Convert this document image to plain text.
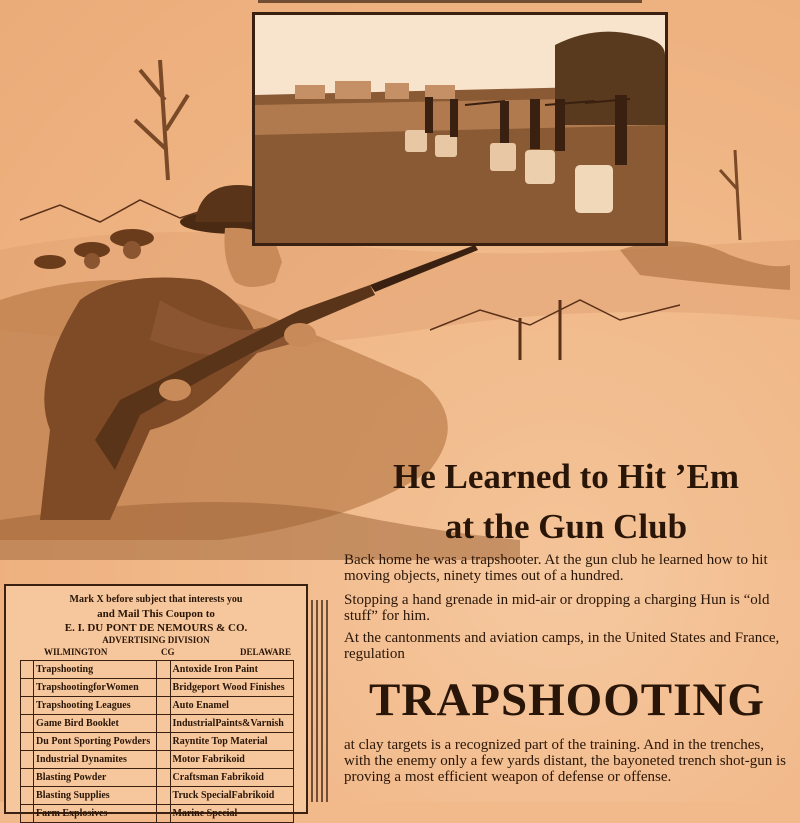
He Learned to Hit ’Em
at the Gun Club

Back home he was a trapshooter. At the gun club he learned how to hit moving objects, ninety times out of a hundred.

Stopping a hand grenade in mid-air or dropping a charging Hun is “old stuff” for him.

At the cantonments and aviation camps, in the United States and France, regulation

TRAPSHOOTING

at clay targets is a recognized part of the training. And in the trenches, with the enemy only a few yards distant, the bayoneted trench shot-gun is proving a most efficient weapon of defense or offense.

Mark X before subject that interests you
and Mail This Coupon to
E. I. DU PONT DE NEMOURS & CO.
ADVERTISING DIVISION
WILMINGTON	CG	DELAWARE
	Trapshooting		Antoxide Iron Paint
	TrapshootingforWomen		Bridgeport Wood Finishes
	Trapshooting Leagues		Auto Enamel
	Game Bird Booklet		IndustrialPaints&Varnish
	Du Pont Sporting Powders		Rayntite Top Material
	Industrial Dynamites		Motor Fabrikoid
	Blasting Powder		Craftsman Fabrikoid
	Blasting Supplies		Truck SpecialFabrikoid
	Farm Explosives		Marine Special
